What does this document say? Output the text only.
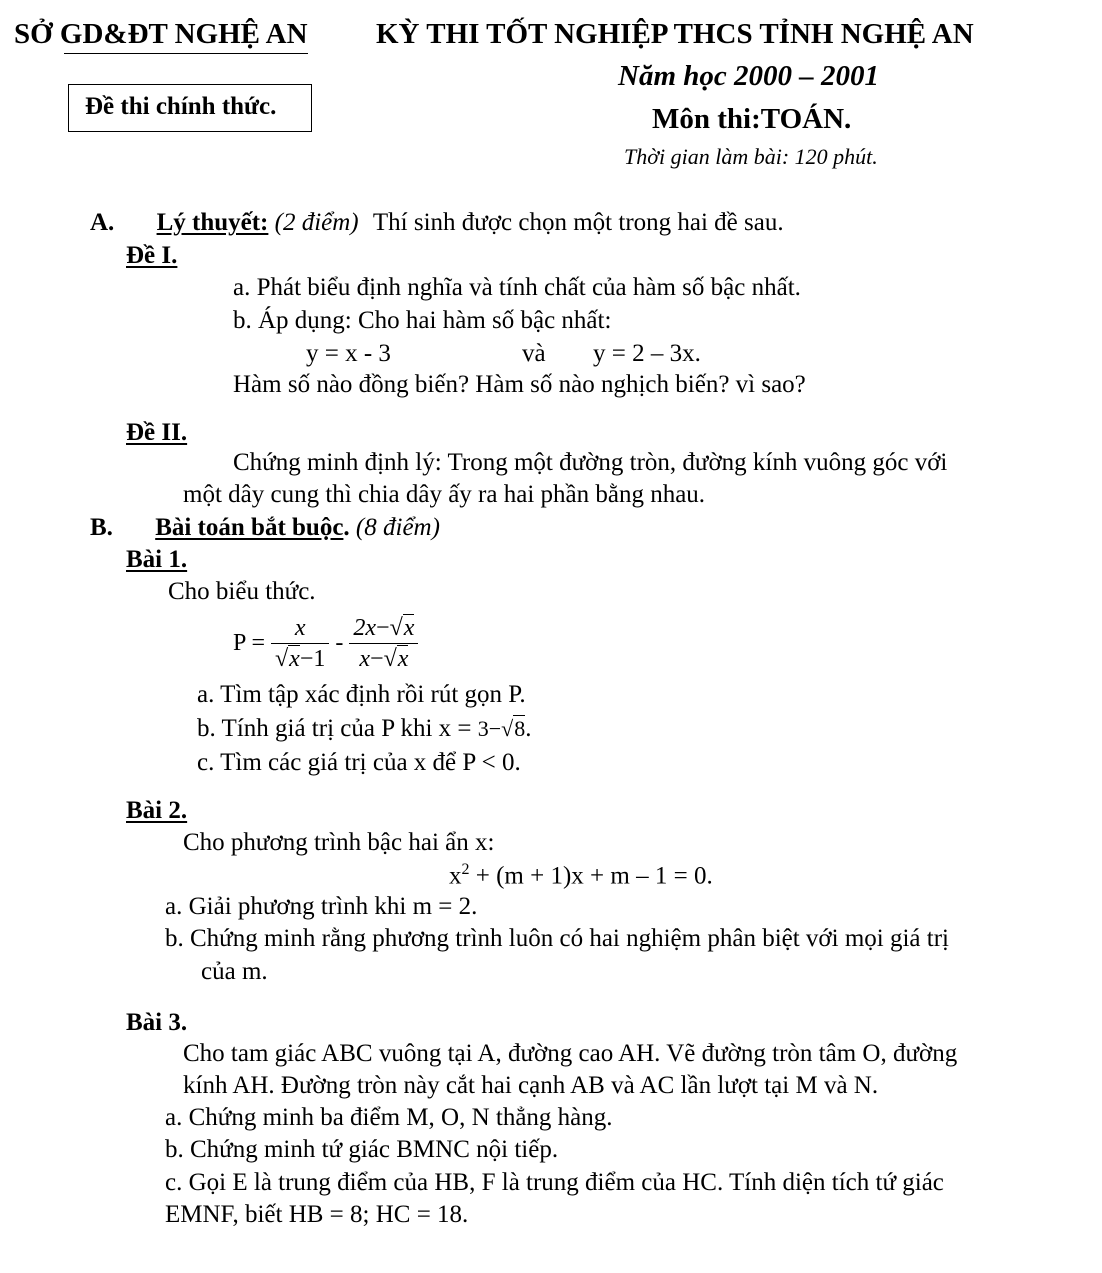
SỞ GD&ĐT NGHỆ AN KỲ THI TỐT NGHIỆP THCS TỈNH NGHỆ AN
Đề thi chính thức.
Năm học 2000 – 2001
Môn thi:TOÁN.
Thời gian làm bài: 120 phút.
A. Lý thuyết: (2 điểm) Thí sinh được chọn một trong hai đề sau.
Đề I.
a. Phát biểu định nghĩa và tính chất của hàm số bậc nhất.
b. Áp dụng: Cho hai hàm số bậc nhất:
y = x - 3	và y = 2 – 3x.
Hàm số nào đồng biến? Hàm số nào nghịch biến? vì sao?
Đề II.
Chứng minh định lý: Trong một đường tròn, đường kính vuông góc với
một dây cung thì chia dây ấy ra hai phần bằng nhau.
B. Bài toán bắt buộc. (8 điểm)
Bài 1.
Cho biểu thức.
$P = \frac{x}{√x-1} - \frac{2x-√x}{x-√x}$
a. Tìm tập xác định rồi rút gọn P.
b. Tính giá trị của P khi x = 3−√8.
c. Tìm các giá trị của x để P < 0.
Bài 2.
Cho phương trình bậc hai ẩn x:
$x^2 + (m + 1)x + m - 1 = 0$.
a. Giải phương trình khi m = 2.
b. Chứng minh rằng phương trình luôn có hai nghiệm phân biệt với mọi giá trị
của m.
Bài 3.
Cho tam giác ABC vuông tại A, đường cao AH. Vẽ đường tròn tâm O, đường
kính AH. Đường tròn này cắt hai cạnh AB và AC lần lượt tại M và N.
a. Chứng minh ba điểm M, O, N thẳng hàng.
b. Chứng minh tứ giác BMNC nội tiếp.
c. Gọi E là trung điểm của HB, F là trung điểm của HC. Tính diện tích tứ giác
EMNF, biết HB = 8; HC = 18.
